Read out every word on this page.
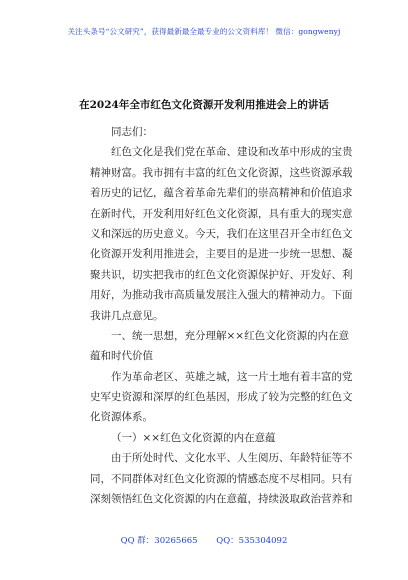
关注头条号“公文研究”，获得最新最全最专业的公文资料库！ 微信：gongwenyj
在2024年全市红色文化资源开发利用推进会上的讲话
同志们：
红色文化是我们党在革命、建设和改革中形成的宝贵
精神财富。我市拥有丰富的红色文化资源，这些资源承载
着历史的记忆，蕴含着革命先辈们的崇高精神和价值追求
在新时代，开发利用好红色文化资源，具有重大的现实意
义和深远的历史意义。今天，我们在这里召开全市红色文
化资源开发利用推进会，主要目的是进一步统一思想、凝
聚共识，切实把我市的红色文化资源保护好、开发好、利
用好，为推动我市高质量发展注入强大的精神动力。下面
我讲几点意见。
一、统一思想，充分理解××红色文化资源的内在意
蕴和时代价值
作为革命老区、英雄之城，这一片土地有着丰富的党
史军史资源和深厚的红色基因，形成了较为完整的红色文
化资源体系。
（一）××红色文化资源的内在意蕴
由于所处时代、文化水平、人生阅历、年龄特征等不
同，不同群体对红色文化资源的情感态度不尽相同。只有
深刻领悟红色文化资源的内在意蕴，持续汲取政治营养和
QQ 群：30265665 QQ：535304092
